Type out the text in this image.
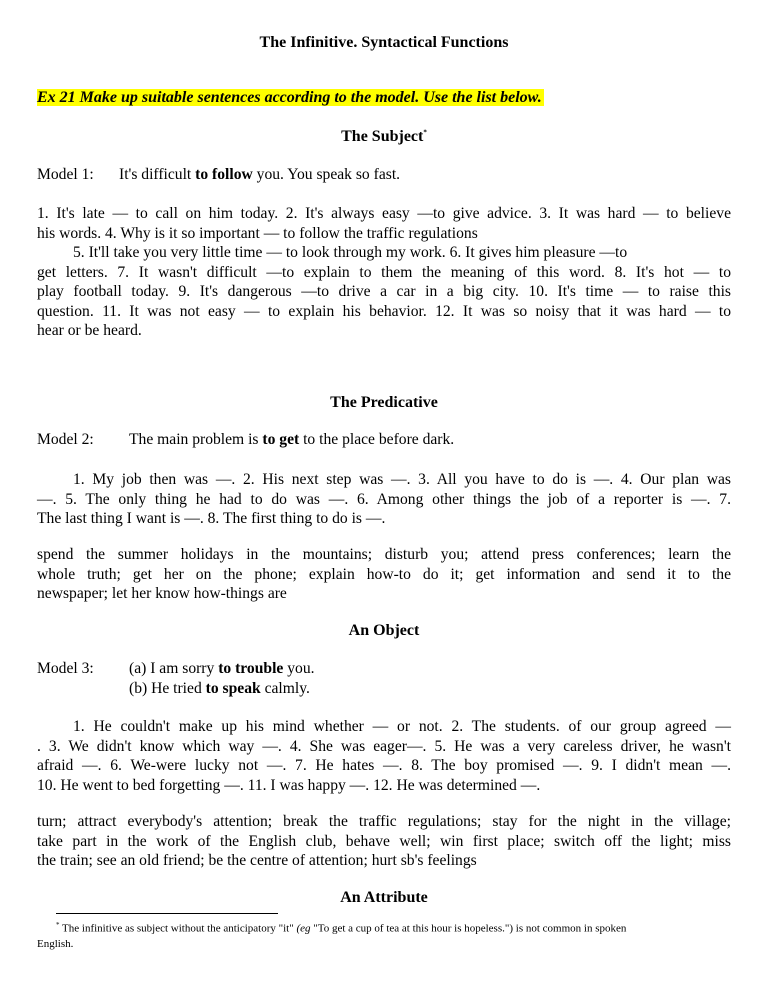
The Infinitive. Syntactical Functions
Ex 21 Make up suitable sentences according to the model. Use the list below.
The Subject*
Model 1: It's difficult to follow you. You speak so fast.
1. It's late — to call on him today. 2. It's always easy —to give advice. 3. It was hard — to believe
his words. 4. Why is it so important — to follow the traffic regulations
5. It'll take you very little time — to look through my work. 6. It gives him pleasure —to
get letters. 7. It wasn't difficult —to explain to them the meaning of this word. 8. It's hot — to
play football today. 9. It's dangerous —to drive a car in a big city. 10. It's time — to raise this
question. 11. It was not easy — to explain his behavior. 12. It was so noisy that it was hard — to
hear or be heard.
The Predicative
Model 2: The main problem is to get to the place before dark.
1. My job then was —. 2. His next step was —. 3. All you have to do is —. 4. Our plan was
—. 5. The only thing he had to do was —. 6. Among other things the job of a reporter is —. 7.
The last thing I want is —. 8. The first thing to do is —.
spend the summer holidays in the mountains; disturb you; attend press conferences; learn the
whole truth; get her on the phone; explain how-to do it; get information and send it to the
newspaper; let her know how-things are
An Object
Model 3: (a) I am sorry to trouble you.
(b) He tried to speak calmly.
1. He couldn't make up his mind whether — or not. 2. The students. of our group agreed —
. 3. We didn't know which way —. 4. She was eager—. 5. He was a very careless driver, he wasn't
afraid —. 6. We-were lucky not —. 7. He hates —. 8. The boy promised —. 9. I didn't mean —.
10. He went to bed forgetting —. 11. I was happy —. 12. He was determined —.
turn; attract everybody's attention; break the traffic regulations; stay for the night in the village;
take part in the work of the English club, behave well; win first place; switch off the light; miss
the train; see an old friend; be the centre of attention; hurt sb's feelings
An Attribute
* The infinitive as subject without the anticipatory "it" (eg "To get a cup of tea at this hour is hopeless.") is not common in spoken
English.
